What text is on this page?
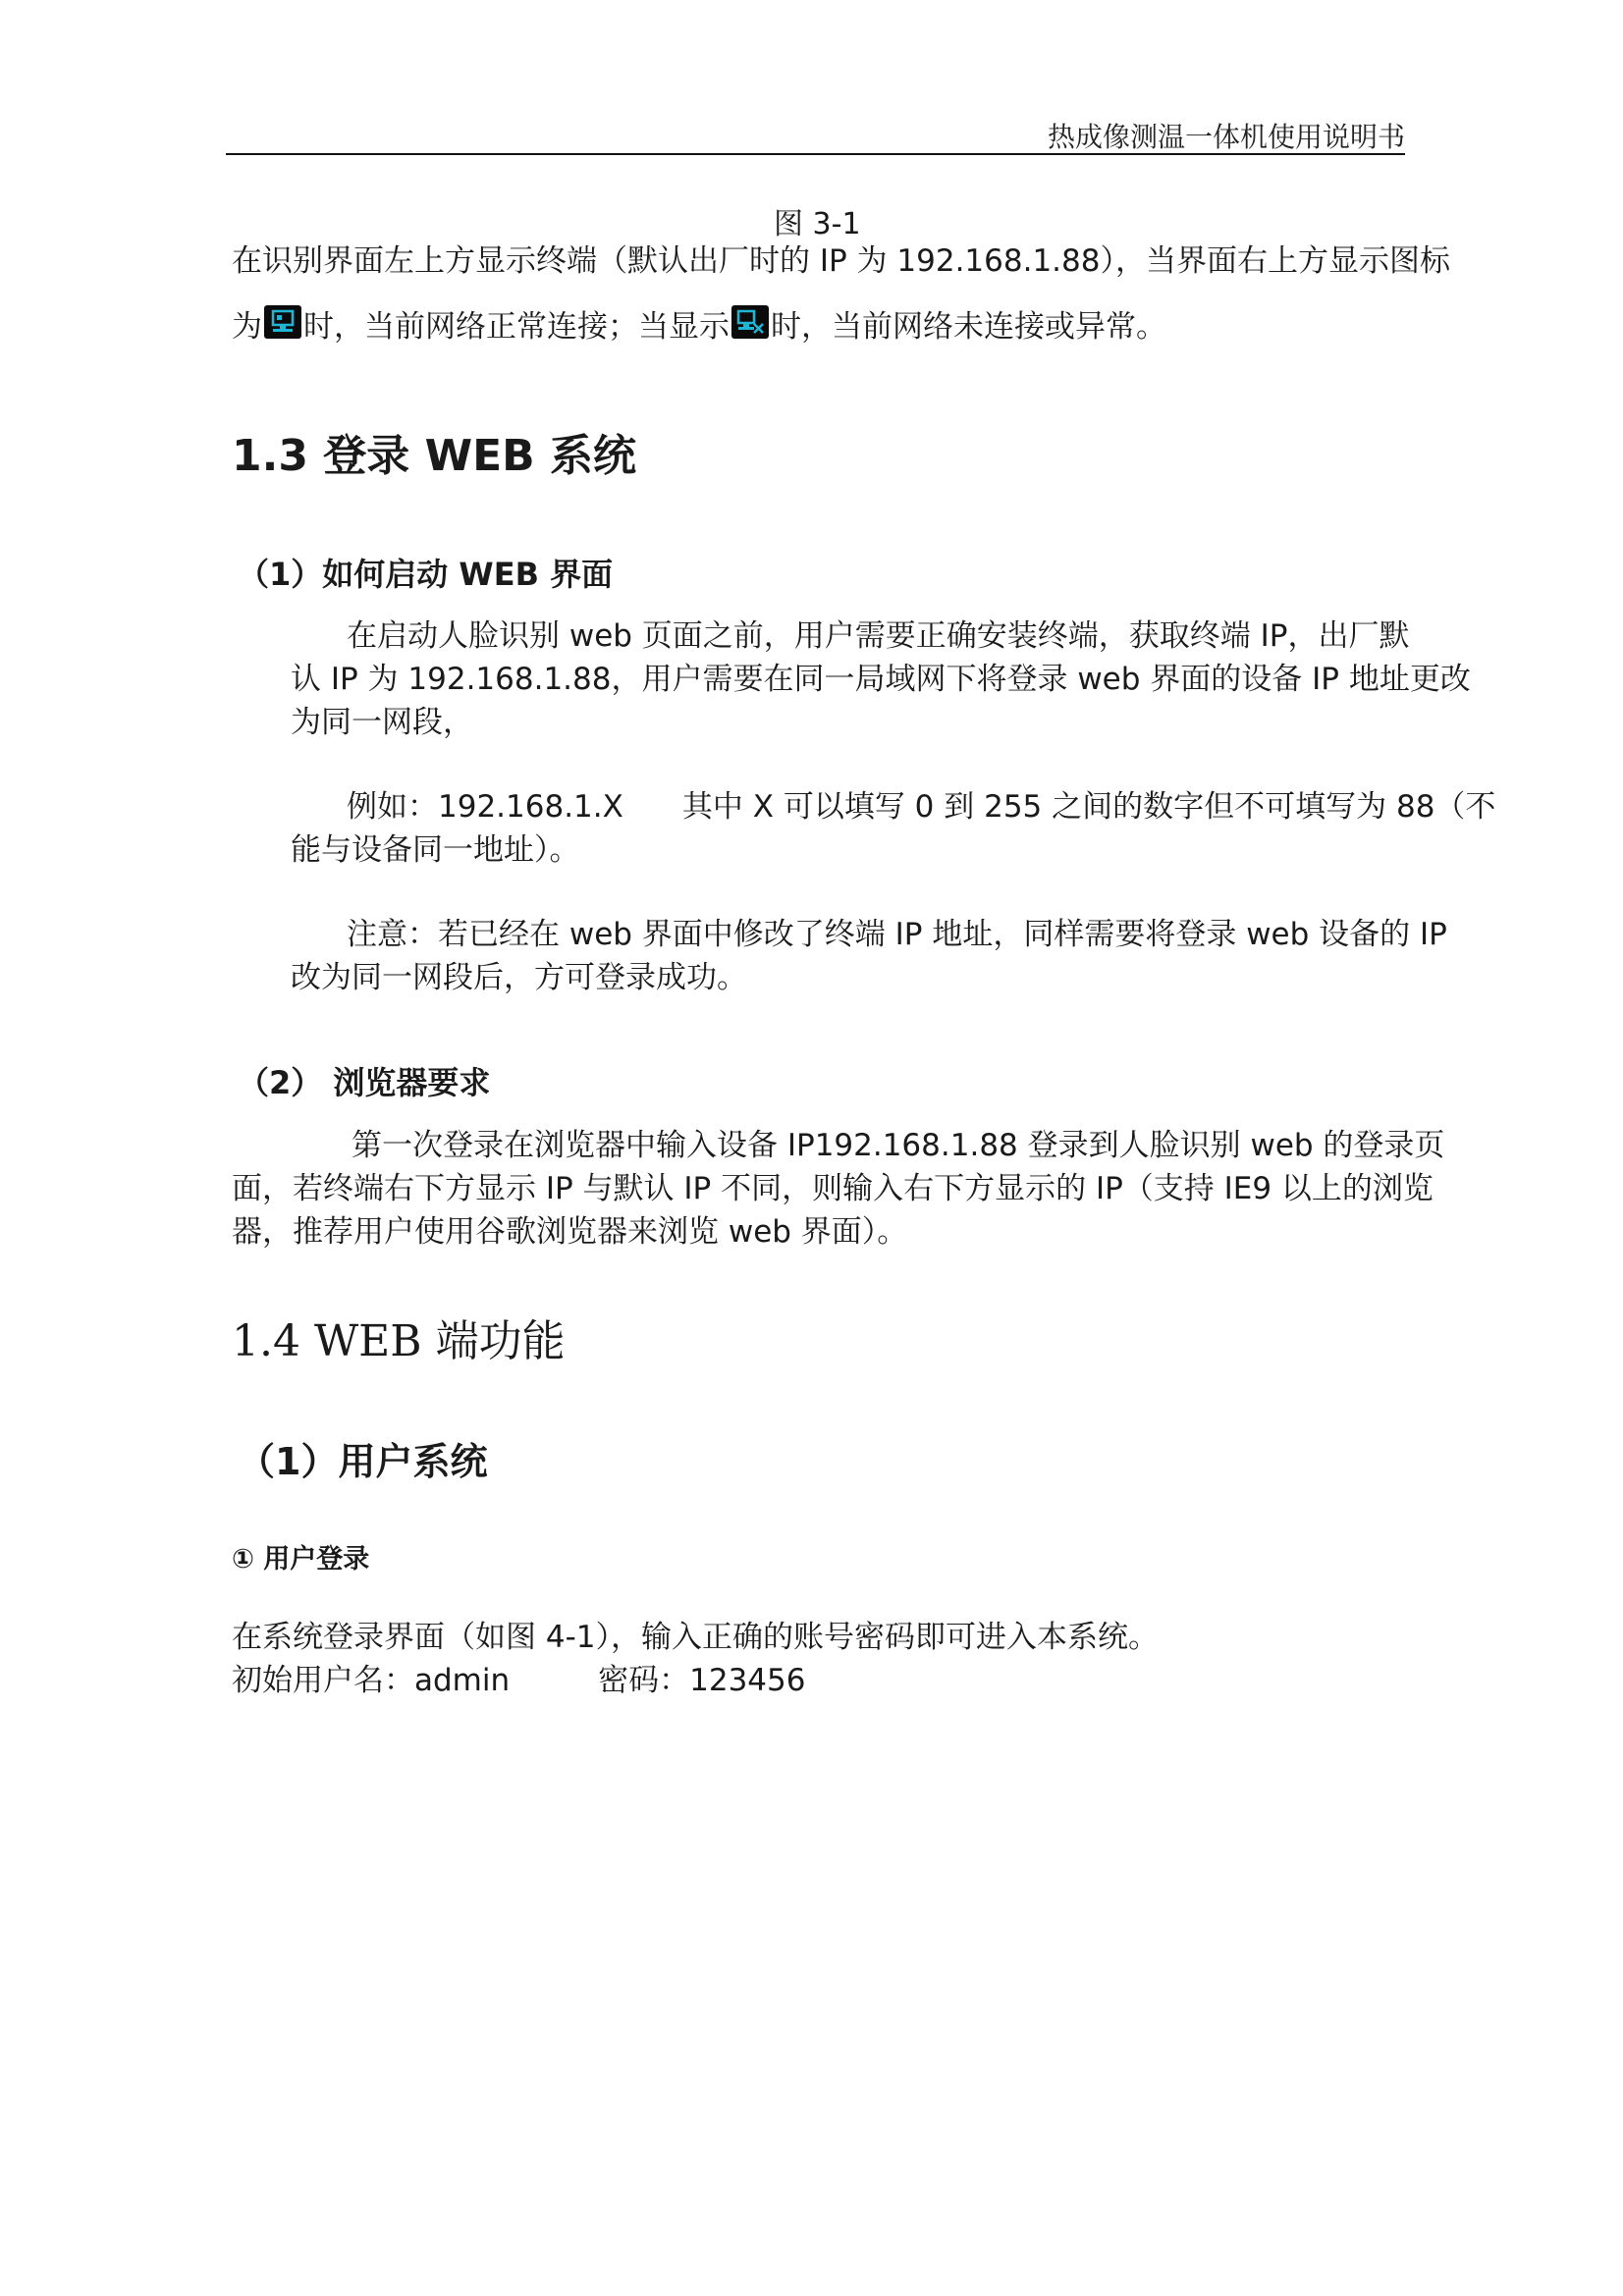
热成像测温一体机使用说明书
图 3-1
在识别界面左上方显示终端（默认出厂时的 IP 为 192.168.1.88），当界面右上方显示图标
为 时，当前网络正常连接；当显示 时，当前网络未连接或异常。
1.3 登录 WEB 系统
（1）如何启动 WEB 界面
在启动人脸识别 web 页面之前，用户需要正确安装终端，获取终端 IP，出厂默
认 IP 为 192.168.1.88，用户需要在同一局域网下将登录 web 界面的设备 IP 地址更改
为同一网段，
例如：192.168.1.X 其中 X 可以填写 0 到 255 之间的数字但不可填写为 88（不
能与设备同一地址）。
注意：若已经在 web 界面中修改了终端 IP 地址，同样需要将登录 web 设备的 IP
改为同一网段后，方可登录成功。
（2） 浏览器要求
第一次登录在浏览器中输入设备 IP192.168.1.88 登录到人脸识别 web 的登录页
面，若终端右下方显示 IP 与默认 IP 不同，则输入右下方显示的 IP（支持 IE9 以上的浏览
器，推荐用户使用谷歌浏览器来浏览 web 界面）。
1.4 WEB 端功能
（1）用户系统
① 用户登录
在系统登录界面（如图 4-1），输入正确的账号密码即可进入本系统。
初始用户名：admin	密码：123456
